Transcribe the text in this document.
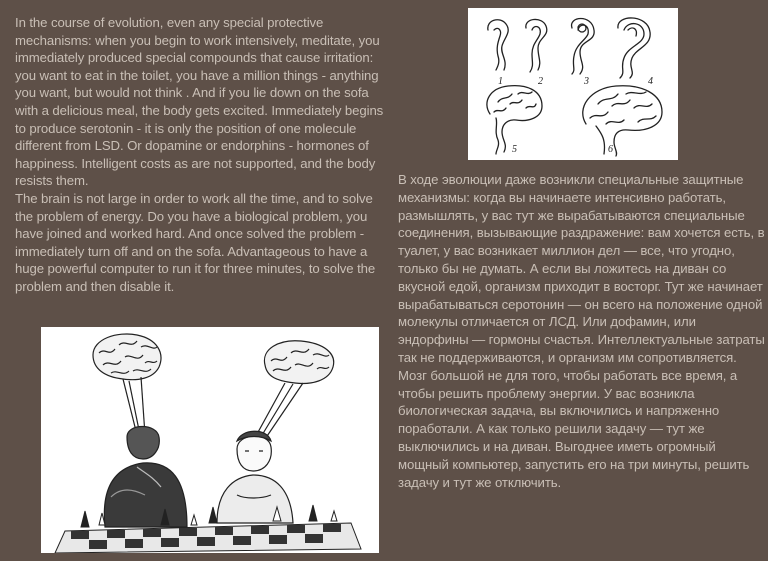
In the course of evolution, even any special protective mechanisms: when you begin to work intensively, meditate, you immediately produced special compounds that cause irritation: you want to eat in the toilet, you have a million things - anything you want, but would not think . And if you lie down on the sofa with a delicious meal, the body gets excited. Immediately begins to produce serotonin - it is only the position of one molecule different from LSD. Or dopamine or endorphins - hormones of happiness. Intelligent costs as are not supported, and the body resists them.

The brain is not large in order to work all the time, and to solve the problem of energy. Do you have a biological problem, you have joined and worked hard. And once solved the problem - immediately turn off and on the sofa. Advantageous to have a huge powerful computer to run it for three minutes, to solve the problem and then disable it.

1	2	3	4
5	6

В ходе эволюции даже возникли специальные защитные механизмы: когда вы начинаете интенсивно работать, размышлять, у вас тут же вырабатываются специальные соединения, вызывающие раздражение: вам хочется есть, в туалет, у вас возникает миллион дел — все, что угодно, только бы не думать. А если вы ложитесь на диван со вкусной едой, организм приходит в восторг. Тут же начинает вырабатываться серотонин — он всего на положение одной молекулы отличается от ЛСД. Или дофамин, или эндорфины — гормоны счастья. Интеллектуальные затраты так не поддерживаются, и организм им сопротивляется.

Мозг большой не для того, чтобы работать все время, а чтобы решить проблему энергии. У вас возникла биологическая задача, вы включились и напряженно поработали. А как только решили задачу — тут же выключились и на диван. Выгоднее иметь огромный мощный компьютер, запустить его на три минуты, решить задачу и тут же отключить.
